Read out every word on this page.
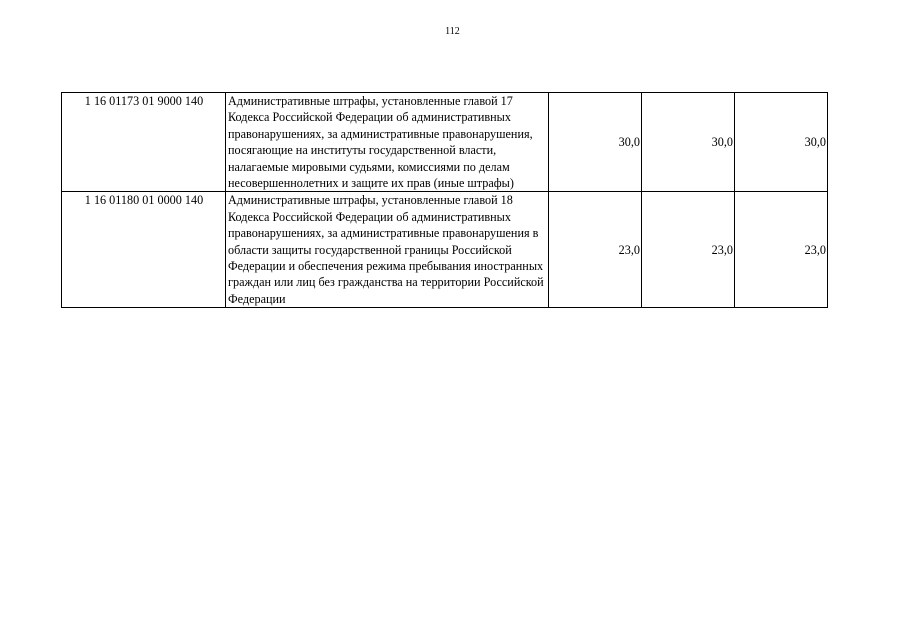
112
1 16 01173 01 9000 140	Административные штрафы, установленные главой 17 Кодекса Российской Федерации об административных правонарушениях, за административные правонарушения, посягающие на институты государственной власти, налагаемые мировыми судьями, комиссиями по делам несовершеннолетних и защите их прав (иные штрафы)	30,0	30,0	30,0
1 16 01180 01 0000 140	Административные штрафы, установленные главой 18 Кодекса Российской Федерации об административных правонарушениях, за административные правонарушения в области защиты государственной границы Российской Федерации и обеспечения режима пребывания иностранных граждан или лиц без гражданства на территории Российской Федерации	23,0	23,0	23,0
